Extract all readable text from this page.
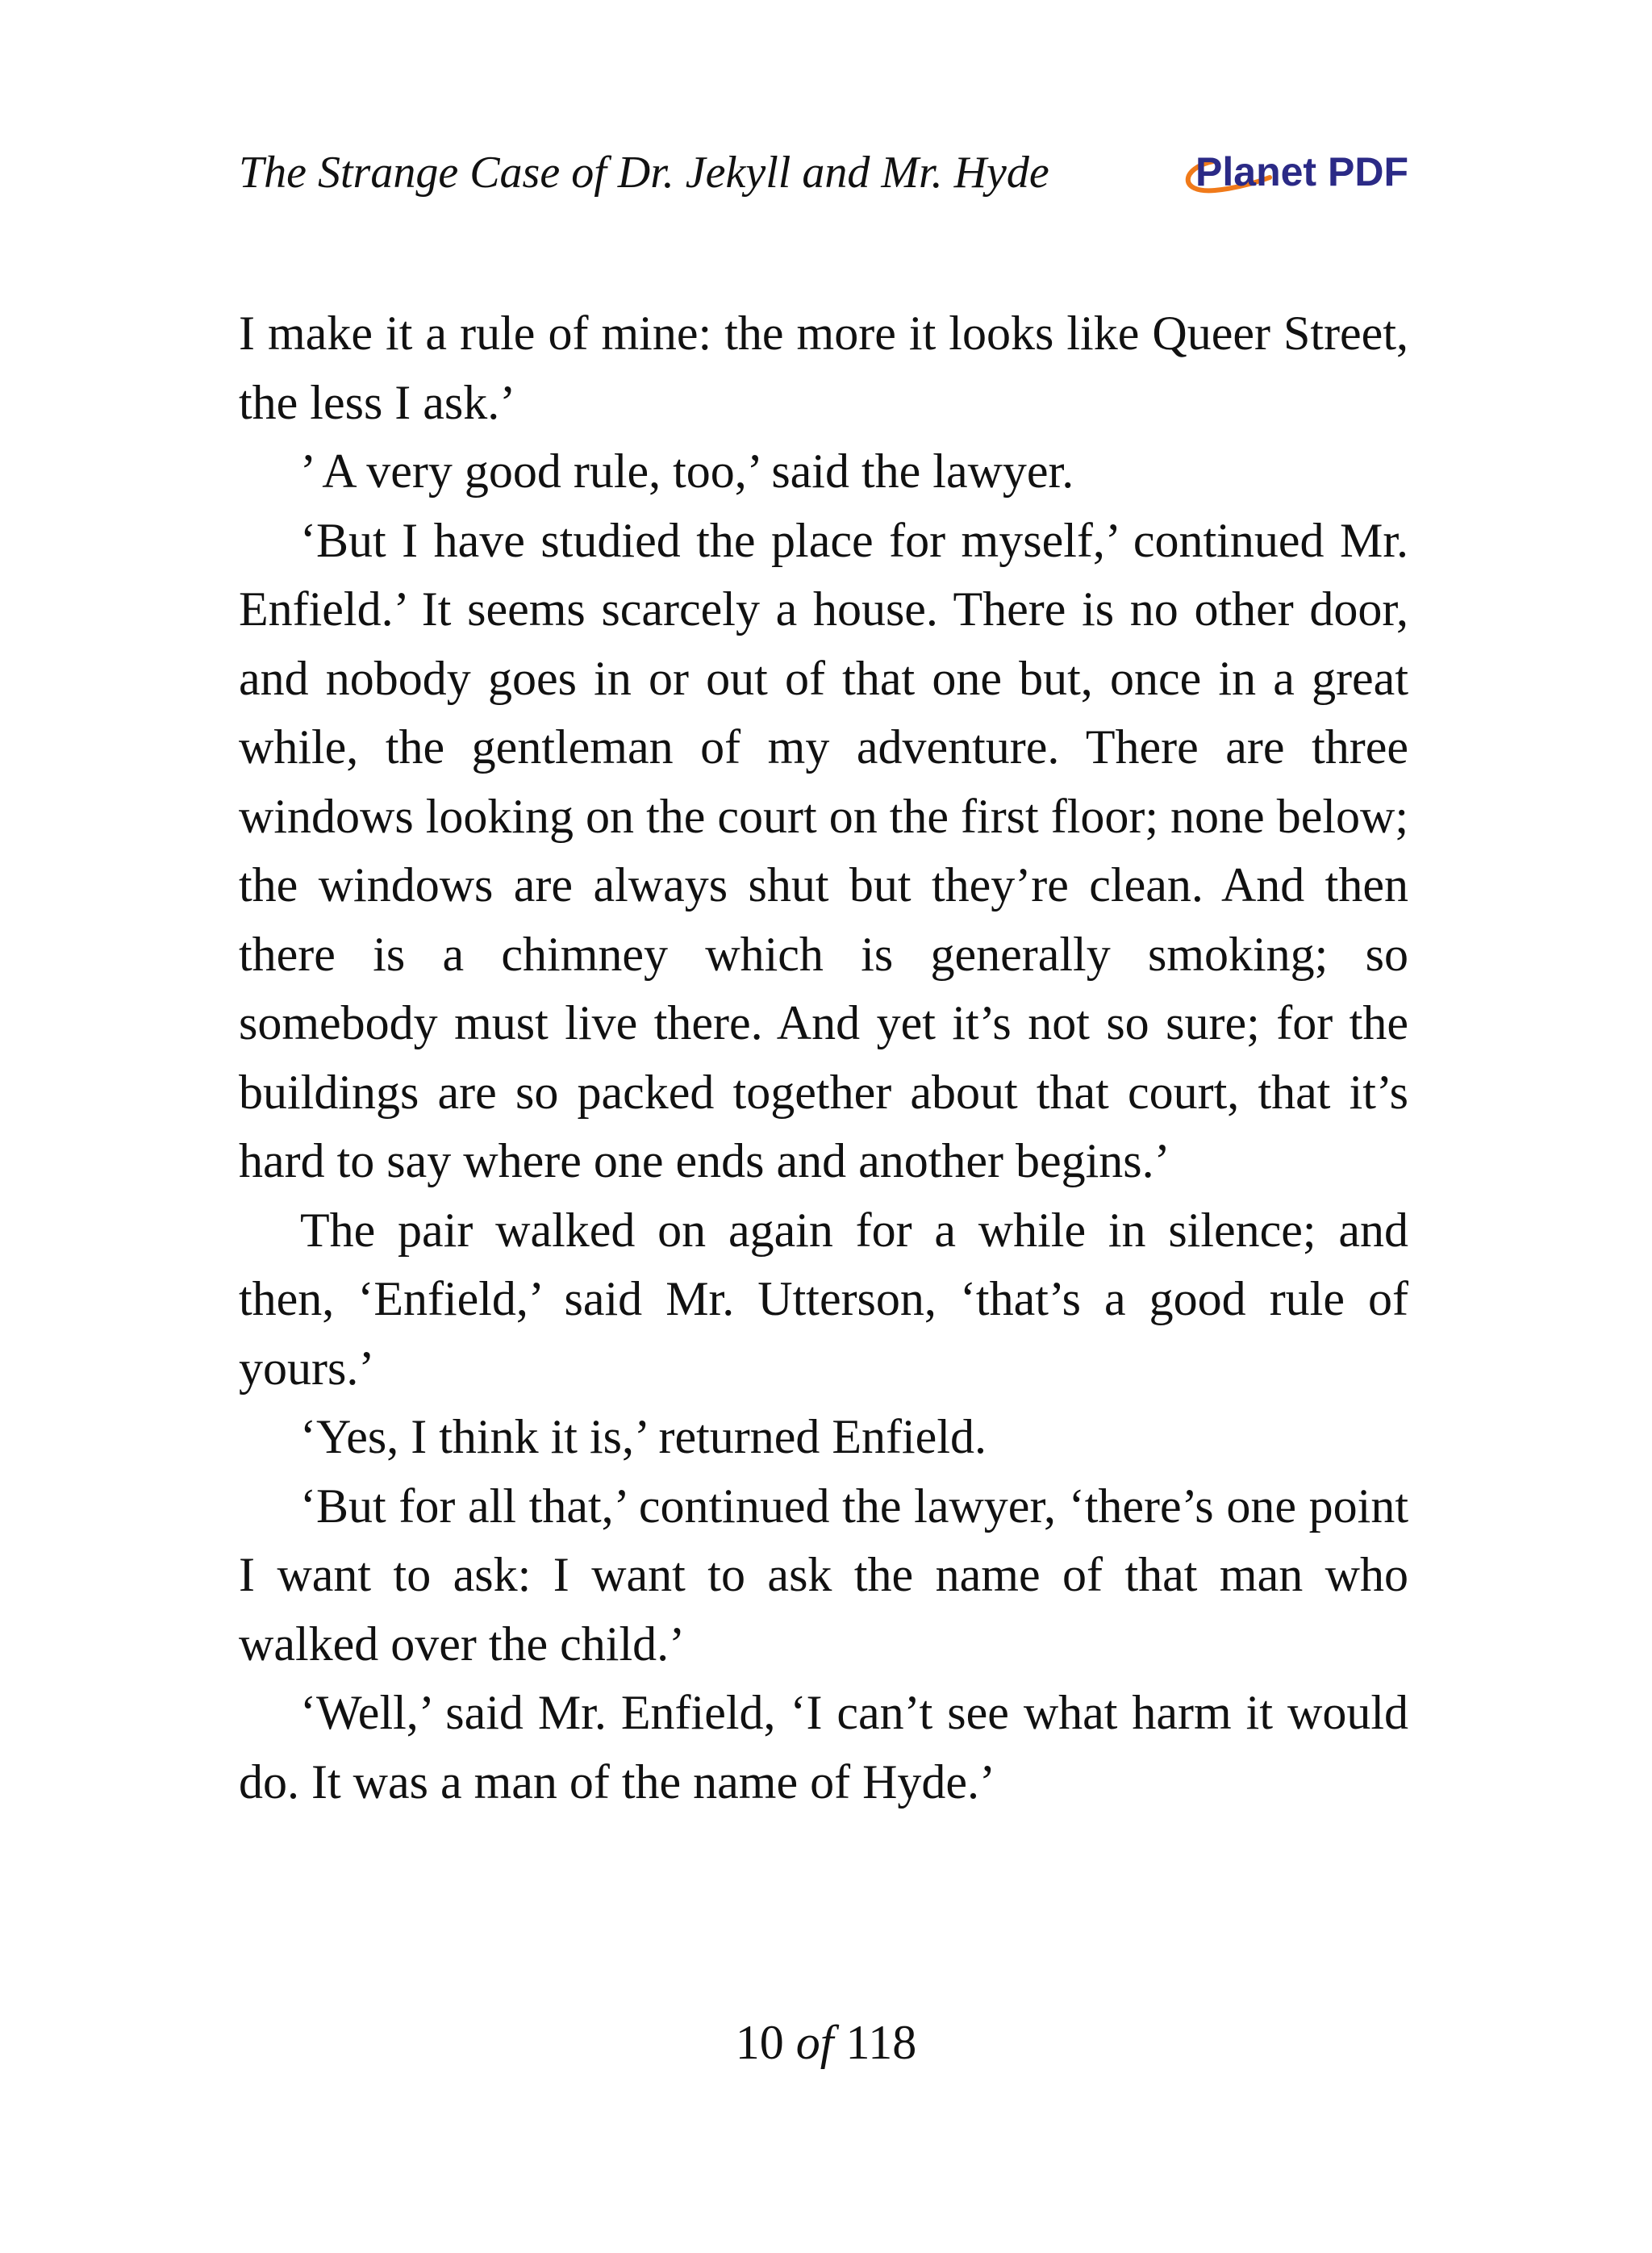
The Strange Case of Dr. Jekyll and Mr. Hyde	Planet PDF

I make it a rule of mine: the more it looks like Queer Street, the less I ask.’

’ A very good rule, too,’ said the lawyer.

‘But I have studied the place for myself,’ continued Mr. Enfield.’ It seems scarcely a house. There is no other door, and nobody goes in or out of that one but, once in a great while, the gentleman of my adventure. There are three windows looking on the court on the first floor; none below; the windows are always shut but they’re clean. And then there is a chimney which is generally smoking; so somebody must live there. And yet it’s not so sure; for the buildings are so packed together about that court, that it’s hard to say where one ends and another begins.’

The pair walked on again for a while in silence; and then, ‘Enfield,’ said Mr. Utterson, ‘that’s a good rule of yours.’

‘Yes, I think it is,’ returned Enfield.

‘But for all that,’ continued the lawyer, ‘there’s one point I want to ask: I want to ask the name of that man who walked over the child.’

‘Well,’ said Mr. Enfield, ‘I can’t see what harm it would do. It was a man of the name of Hyde.’

10 of 118
